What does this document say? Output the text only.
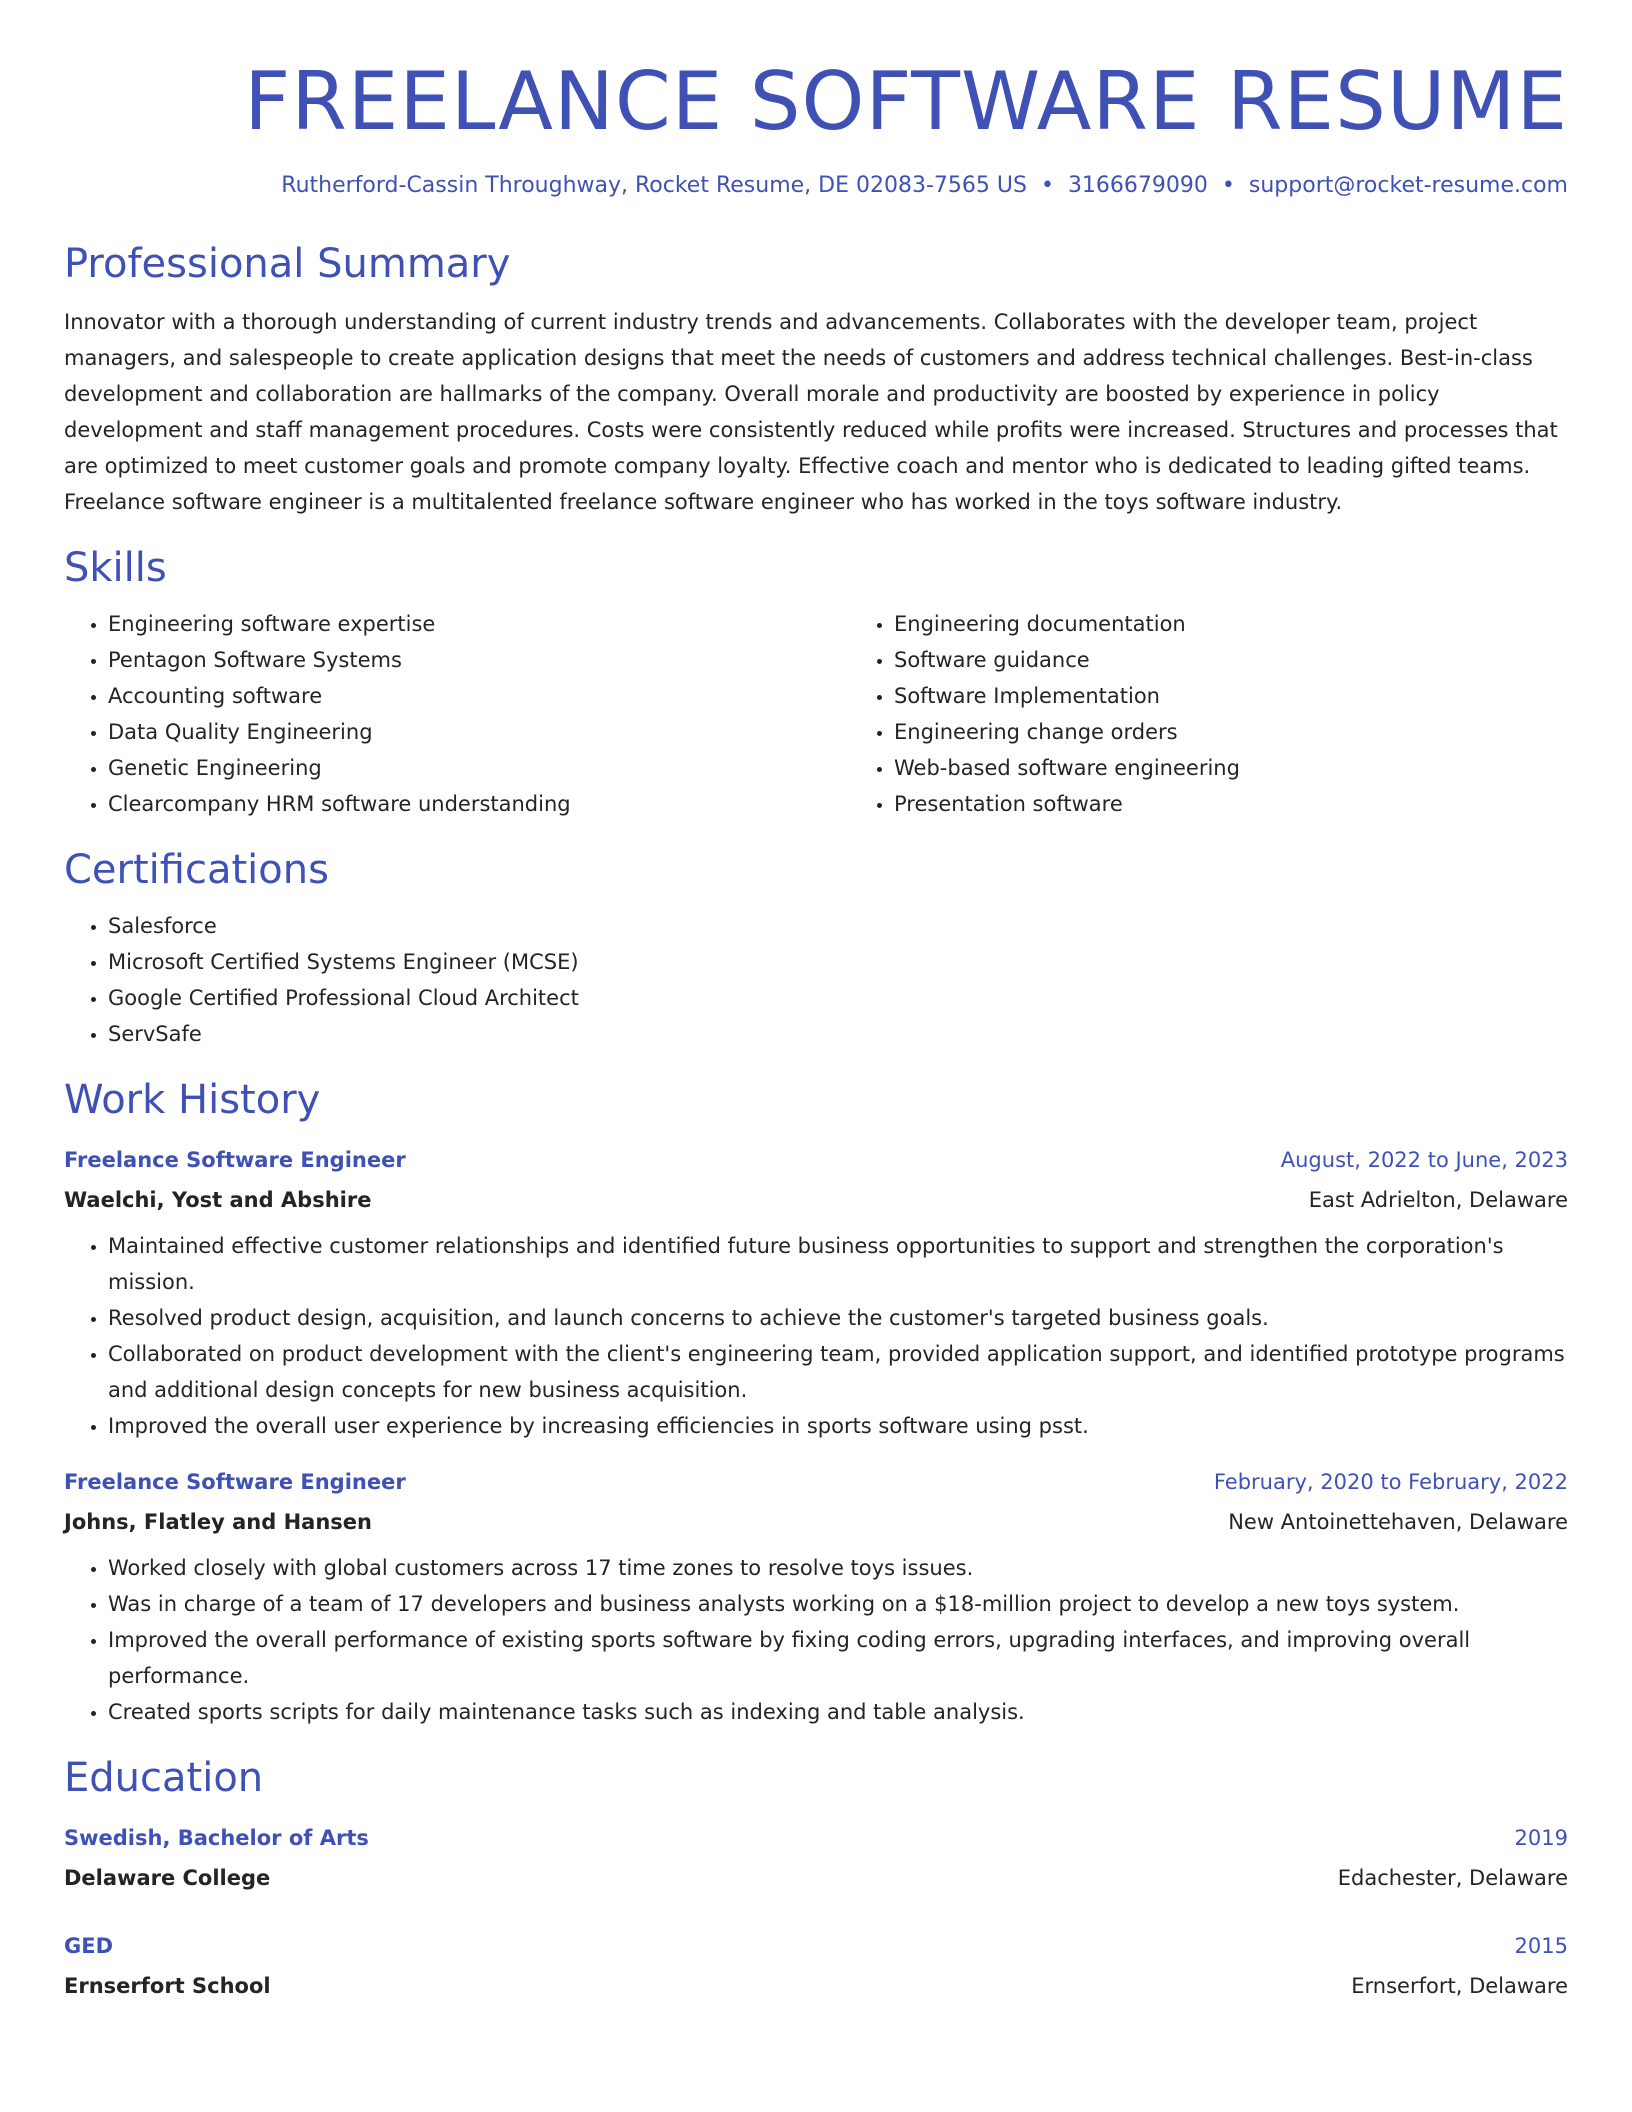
FREELANCE SOFTWARE RESUME
Rutherford-Cassin Throughway, Rocket Resume, DE 02083-7565 US • 3166679090 • support@rocket-resume.com
Professional Summary

Innovator with a thorough understanding of current industry trends and advancements. Collaborates with the developer team, project managers, and salespeople to create application designs that meet the needs of customers and address technical challenges. Best-in-class development and collaboration are hallmarks of the company. Overall morale and productivity are boosted by experience in policy development and staff management procedures. Costs were consistently reduced while profits were increased. Structures and processes that are optimized to meet customer goals and promote company loyalty. Effective coach and mentor who is dedicated to leading gifted teams. Freelance software engineer is a multitalented freelance software engineer who has worked in the toys software industry.

Skills
• Engineering software expertise
• Pentagon Software Systems
• Accounting software
• Data Quality Engineering
• Genetic Engineering
• Clearcompany HRM software understanding
• Engineering documentation
• Software guidance
• Software Implementation
• Engineering change orders
• Web-based software engineering
• Presentation software
Certifications
• Salesforce
• Microsoft Certified Systems Engineer (MCSE)
• Google Certified Professional Cloud Architect
• ServSafe
Work History
Freelance Software Engineer	August, 2022 to June, 2023
Waelchi, Yost and Abshire	East Adrielton, Delaware
• Maintained effective customer relationships and identified future business opportunities to support and strengthen the corporation's mission.
• Resolved product design, acquisition, and launch concerns to achieve the customer's targeted business goals.
• Collaborated on product development with the client's engineering team, provided application support, and identified prototype programs and additional design concepts for new business acquisition.
• Improved the overall user experience by increasing efficiencies in sports software using psst.
Freelance Software Engineer	February, 2020 to February, 2022
Johns, Flatley and Hansen	New Antoinettehaven, Delaware
• Worked closely with global customers across 17 time zones to resolve toys issues.
• Was in charge of a team of 17 developers and business analysts working on a $18-million project to develop a new toys system.
• Improved the overall performance of existing sports software by fixing coding errors, upgrading interfaces, and improving overall performance.
• Created sports scripts for daily maintenance tasks such as indexing and table analysis.
Education
Swedish, Bachelor of Arts	2019
Delaware College	Edachester, Delaware
GED	2015
Ernserfort School	Ernserfort, Delaware
